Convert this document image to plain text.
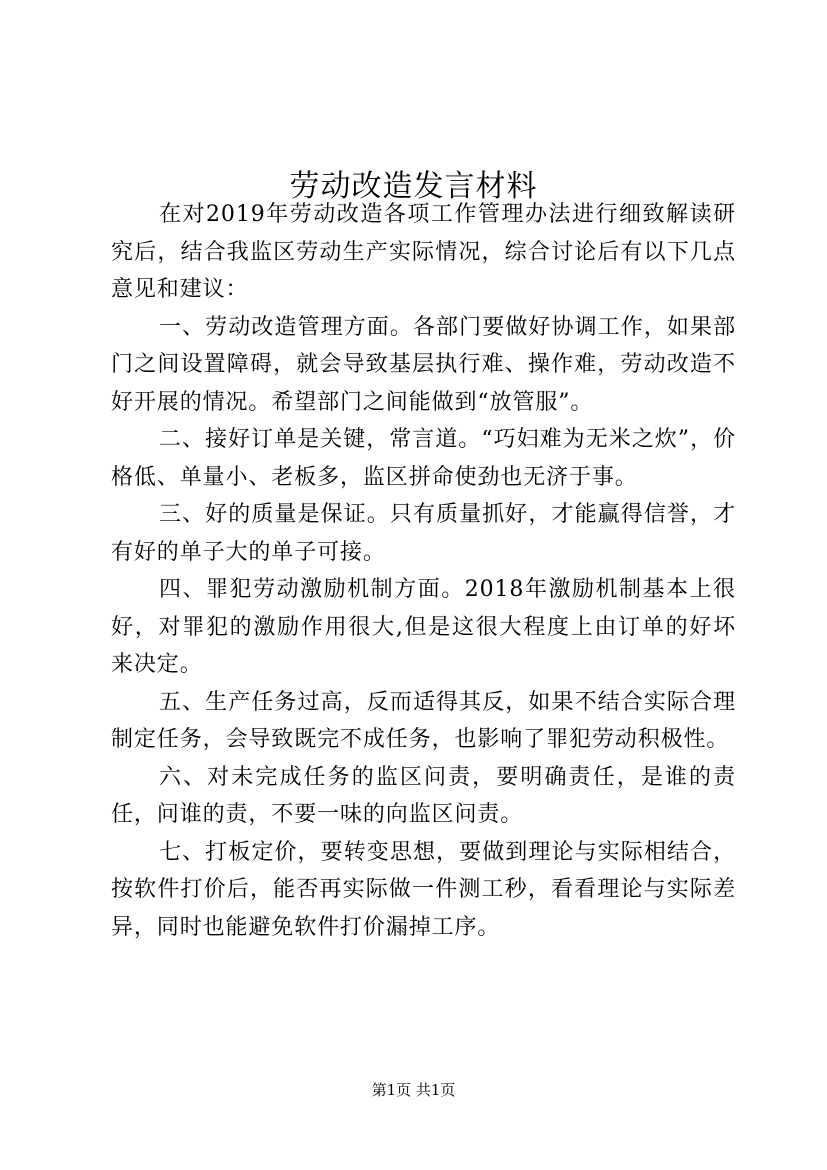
劳动改造发言材料

在对2019年劳动改造各项工作管理办法进行细致解读研究后，结合我监区劳动生产实际情况，综合讨论后有以下几点意见和建议：

一、劳动改造管理方面。各部门要做好协调工作，如果部门之间设置障碍，就会导致基层执行难、操作难，劳动改造不好开展的情况。希望部门之间能做到“放管服”。

二、接好订单是关键，常言道。“巧妇难为无米之炊”，价格低、单量小、老板多，监区拼命使劲也无济于事。

三、好的质量是保证。只有质量抓好，才能赢得信誉，才有好的单子大的单子可接。

四、罪犯劳动激励机制方面。2018年激励机制基本上很好，对罪犯的激励作用很大,但是这很大程度上由订单的好坏来决定。

五、生产任务过高，反而适得其反，如果不结合实际合理制定任务，会导致既完不成任务，也影响了罪犯劳动积极性。

六、对未完成任务的监区问责，要明确责任，是谁的责任，问谁的责，不要一味的向监区问责。

七、打板定价，要转变思想，要做到理论与实际相结合，按软件打价后，能否再实际做一件测工秒，看看理论与实际差异，同时也能避免软件打价漏掉工序。

第1页 共1页
